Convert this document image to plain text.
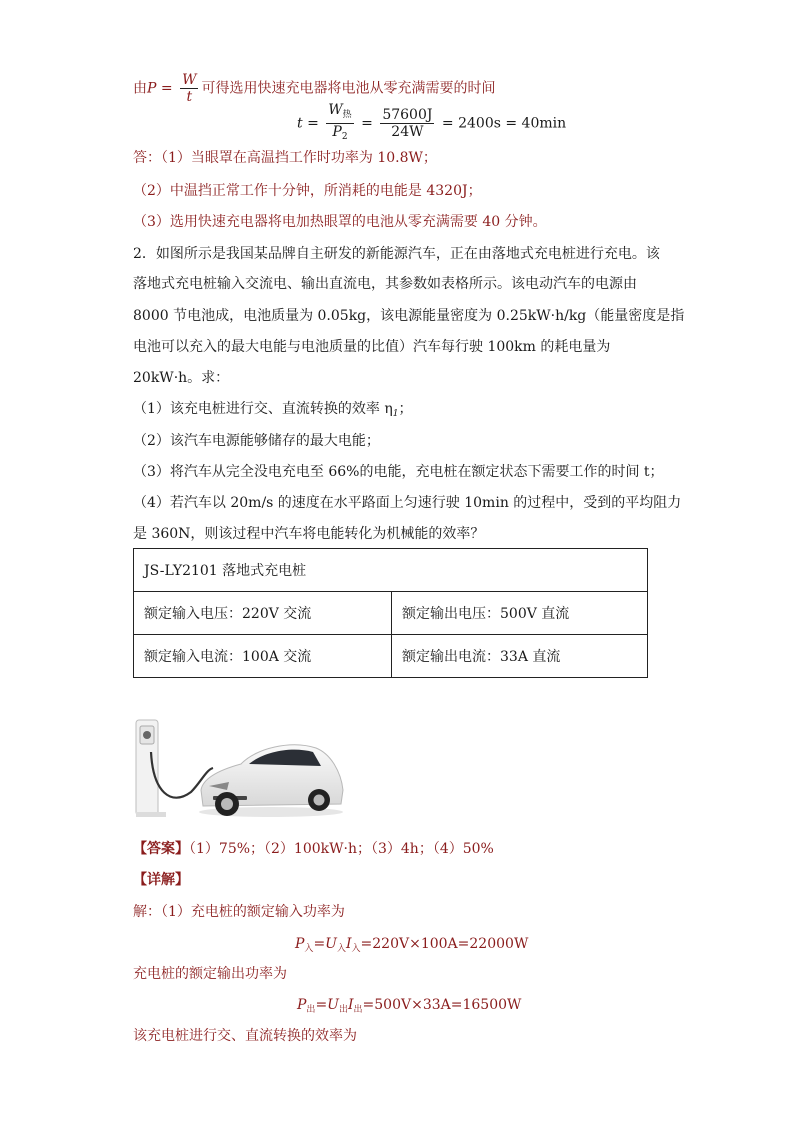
由$P = \frac{W}{t}$ 可得选用快速充电器将电池从零充满需要的时间
$t = \frac{W_热}{P_2} = \frac{57600J}{24W} = 2400s = 40\min$
答：（1）当眼罩在高温挡工作时功率为 10.8W；
（2）中温挡正常工作十分钟，所消耗的电能是 4320J；
（3）选用快速充电器将电加热眼罩的电池从零充满需要 40 分钟。
2．如图所示是我国某品牌自主研发的新能源汽车，正在由落地式充电桩进行充电。该
落地式充电桩输入交流电、输出直流电，其参数如表格所示。该电动汽车的电源由
8000 节电池成，电池质量为 0.05kg，该电源能量密度为 0.25kW·h/kg（能量密度是指
电池可以充入的最大电能与电池质量的比值）汽车每行驶 100km 的耗电量为
20kW·h。求：
（1）该充电桩进行交、直流转换的效率 $\eta_1$；
（2）该汽车电源能够储存的最大电能；
（3）将汽车从完全没电充电至 66%的电能，充电桩在额定状态下需要工作的时间 t；
（4）若汽车以 20m/s 的速度在水平路面上匀速行驶 10min 的过程中，受到的平均阻力
是 360N，则该过程中汽车将电能转化为机械能的效率？
JS-LY2101 落地式充电桩	
额定输入电压：220V 交流	额定输出电压：500V 直流
额定输入电流：100A 交流	额定输出电流：33A 直流
【答案】（1）75%；（2）100kW·h；（3）4h；（4）50%
【详解】
解：（1）充电桩的额定输入功率为
$P_入=U_入I_入=220V\times 100A=22000W$
充电桩的额定输出功率为
$P_出=U_出I_出=500V\times 33A=16500W$
该充电桩进行交、直流转换的效率为
